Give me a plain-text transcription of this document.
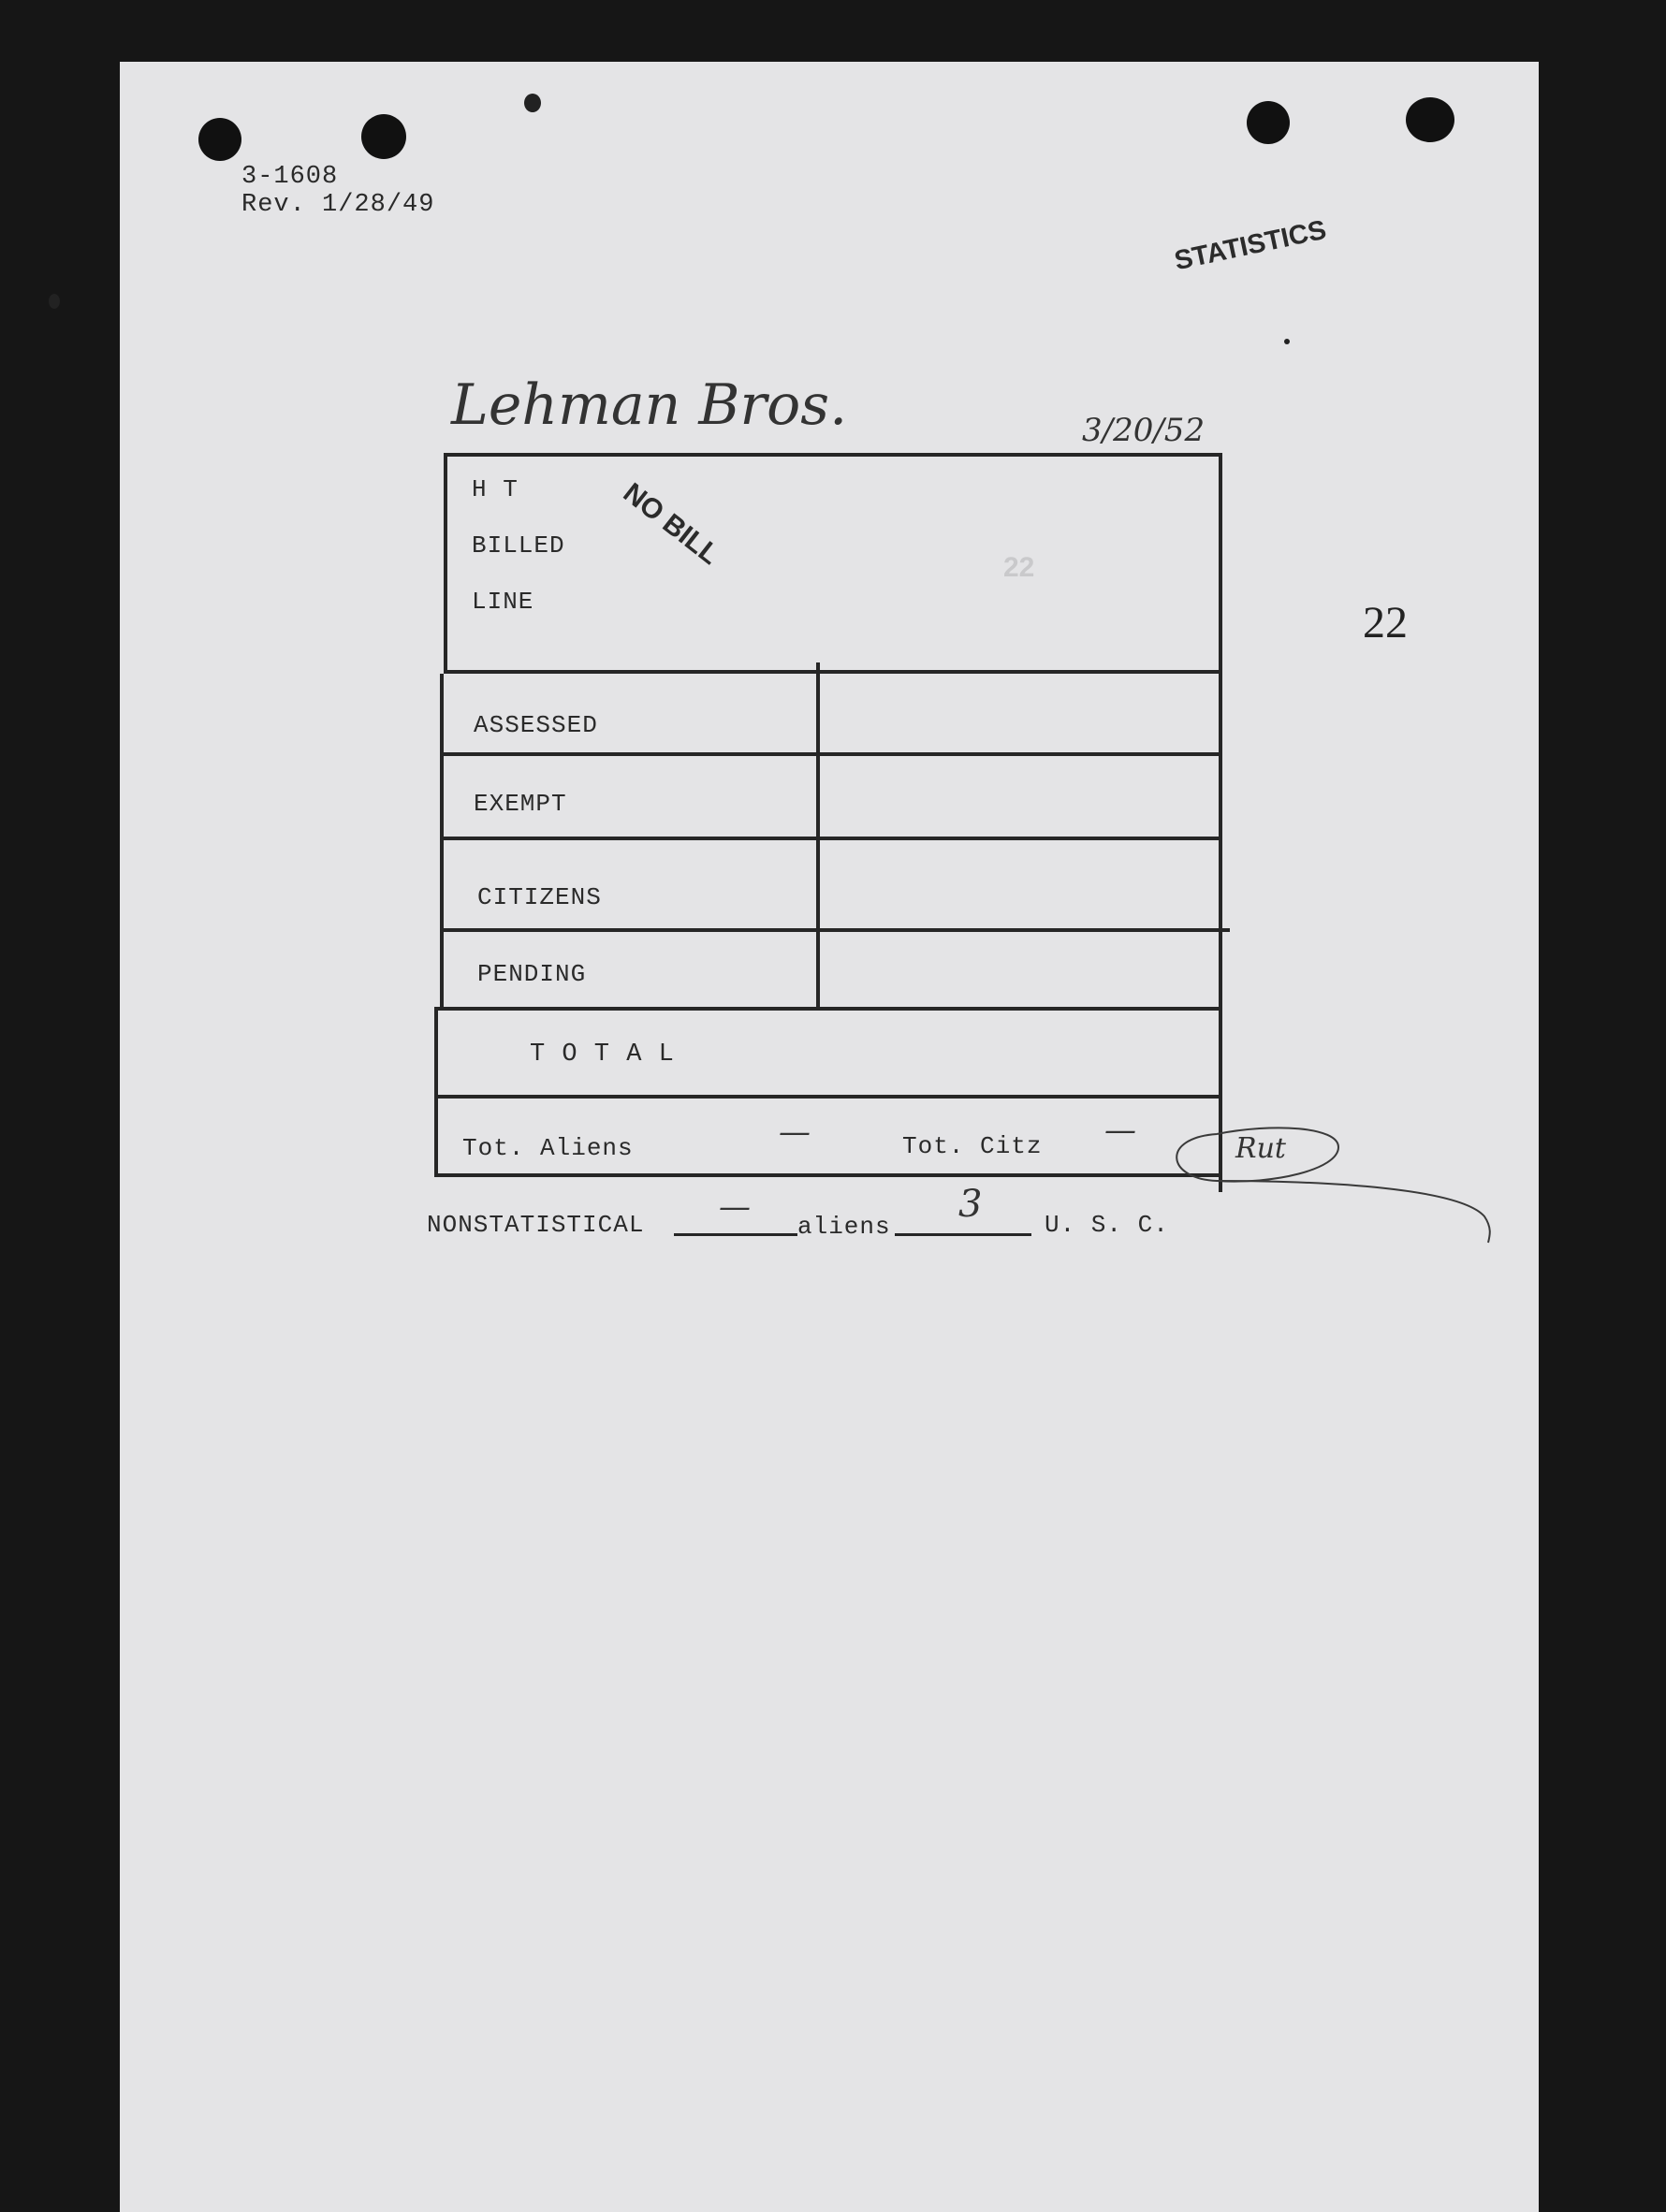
3-1608
Rev. 1/28/49
STATISTICS
Lehman Bros.	3/20/52
22
H T
BILLED
LINE
NO BILL	22
ASSESSED
EXEMPT
CITIZENS
PENDING
T O T A L
Tot. Aliens	—	Tot. Citz —	Rut
NONSTATISTICAL —
aliens
3	U. S. C.
